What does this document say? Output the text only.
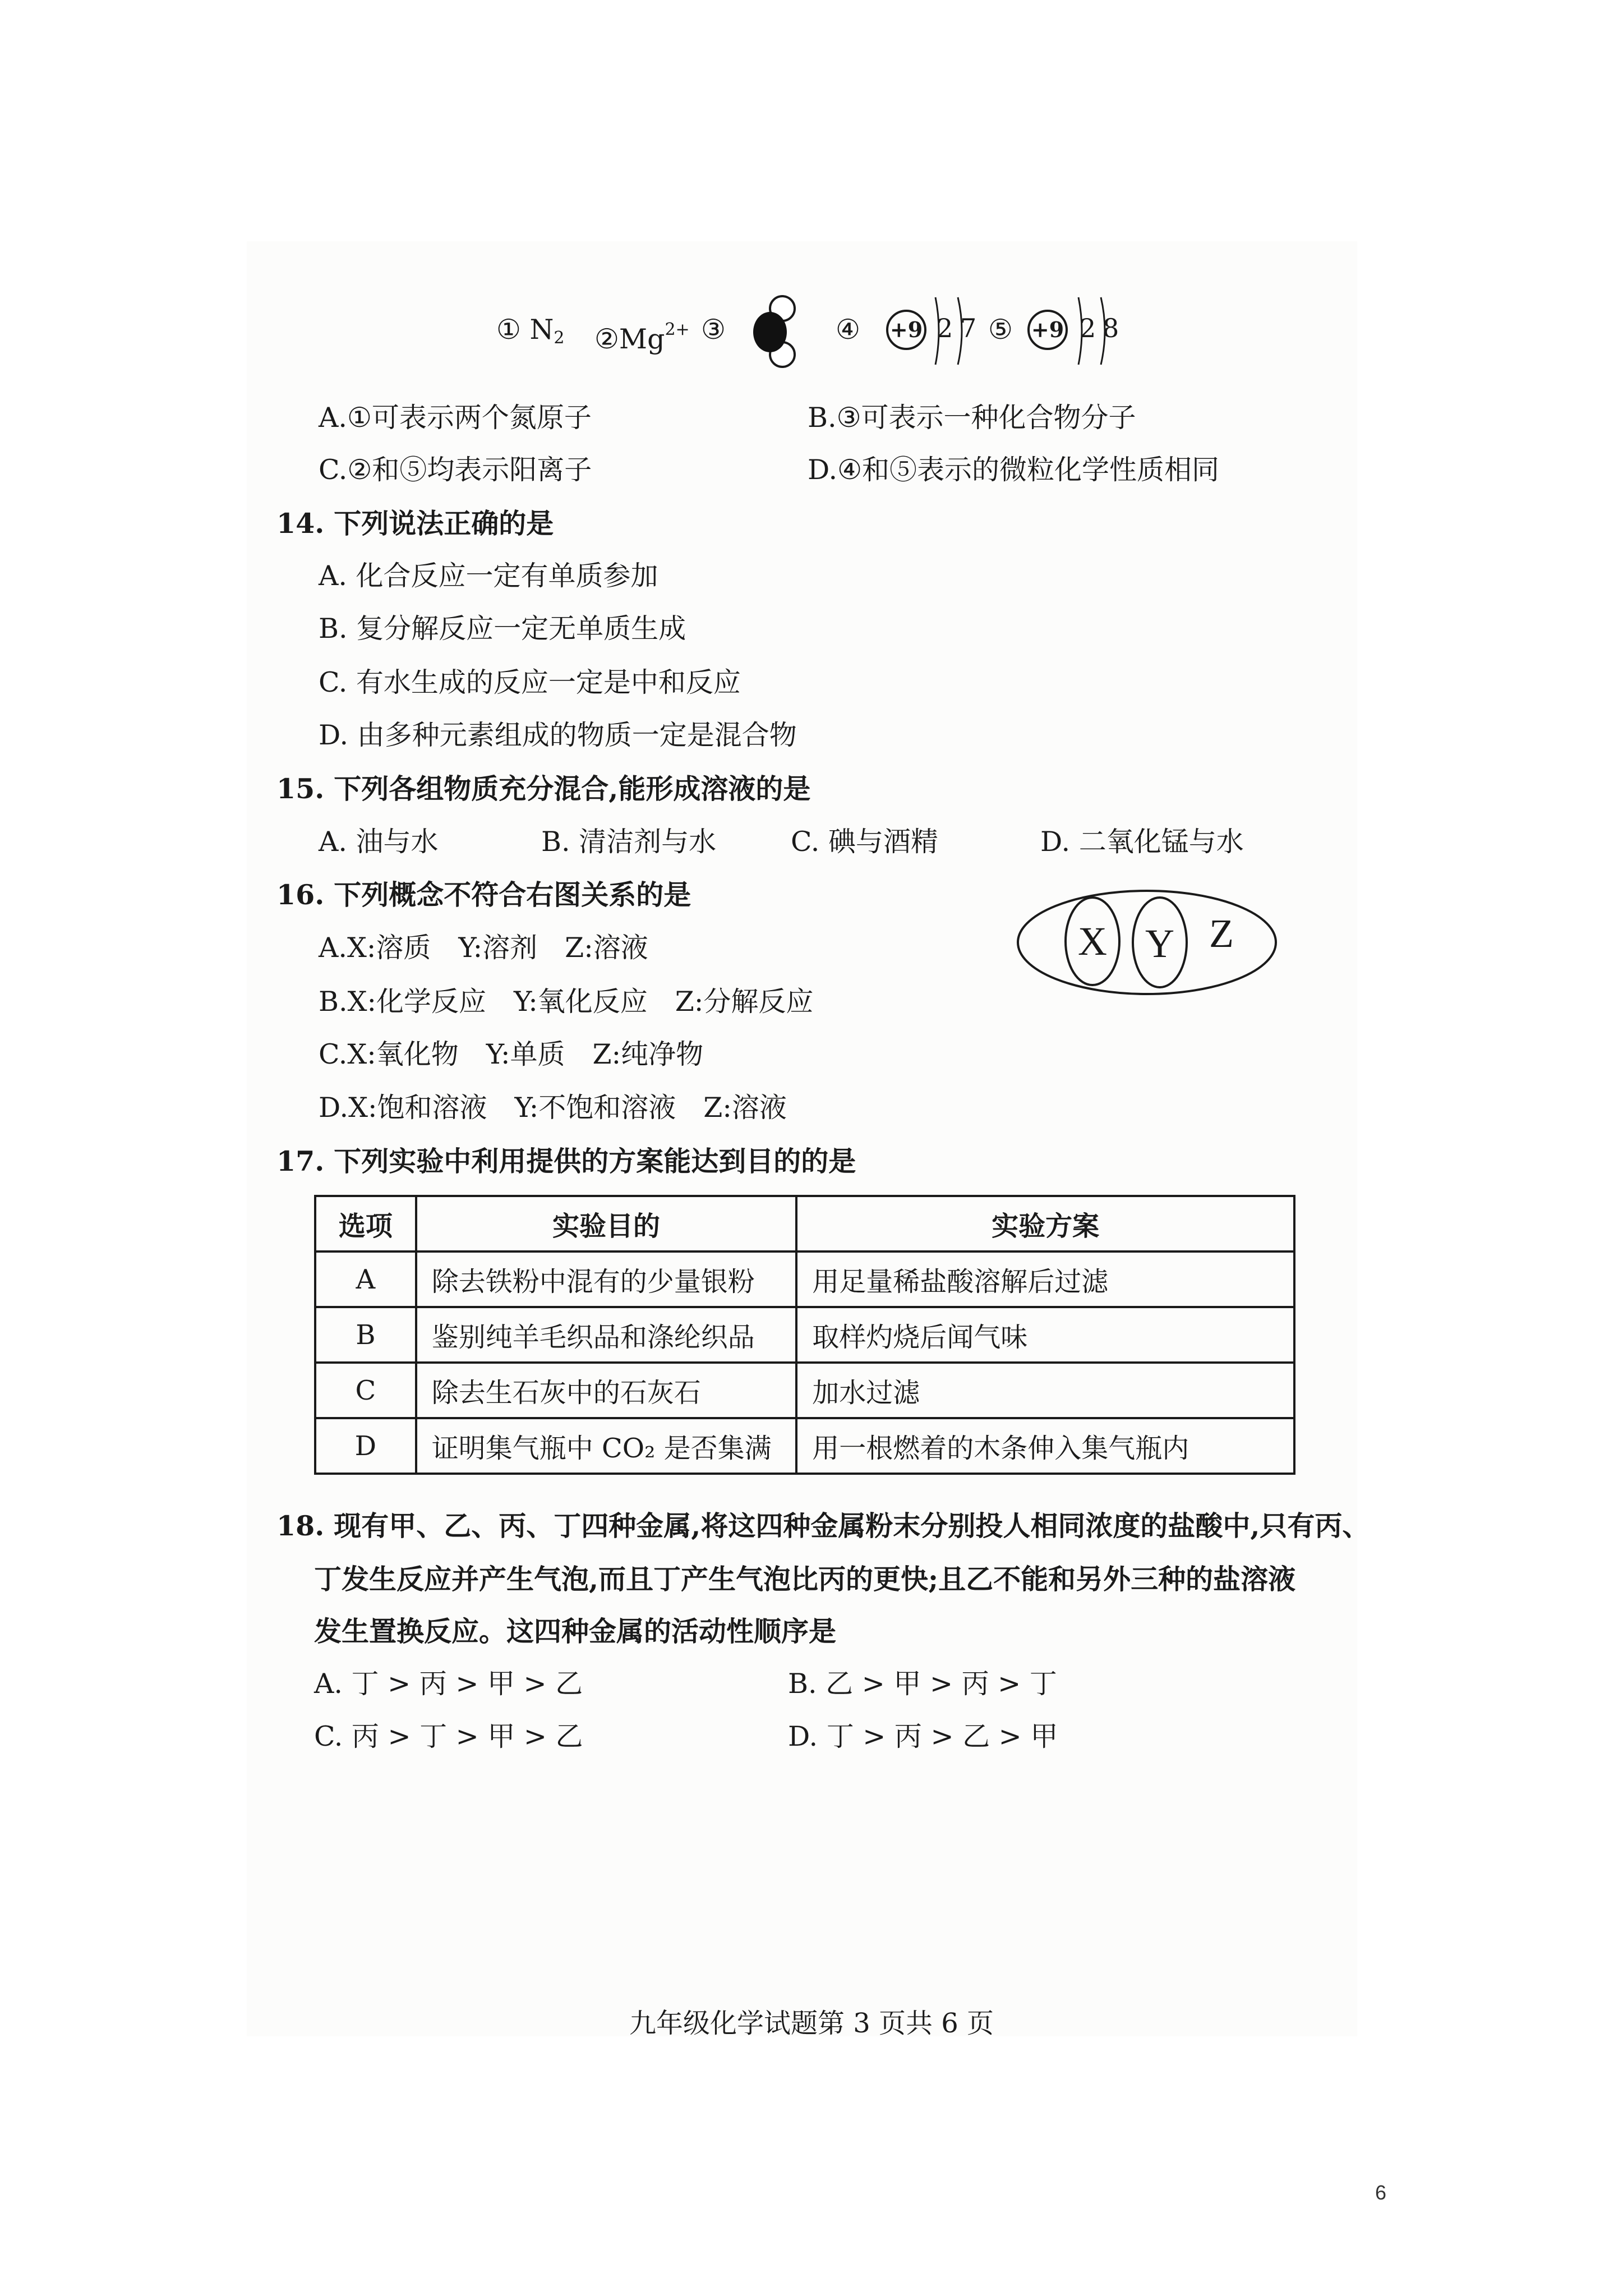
① $N_2$ $②Mg^{2+}$ ③	④ +9 2 7 ⑤ +9 2 8
A.①可表示两个氮原子	B.③可表示一种化合物分子
C.②和⑤均表示阳离子	D.④和⑤表示的微粒化学性质相同
14. 下列说法正确的是
A. 化合反应一定有单质参加
B. 复分解反应一定无单质生成
C. 有水生成的反应一定是中和反应
D. 由多种元素组成的物质一定是混合物
15. 下列各组物质充分混合,能形成溶液的是
A. 油与水	B. 清洁剂与水	C. 碘与酒精	D. 二氧化锰与水
16. 下列概念不符合右图关系的是
A.X:溶质　Y:溶剂　Z:溶液
B.X:化学反应　Y:氧化反应　Z:分解反应
C.X:氧化物　Y:单质　Z:纯净物
D.X:饱和溶液　Y:不饱和溶液　Z:溶液
X Y Z
17. 下列实验中利用提供的方案能达到目的的是
选项	实验目的	实验方案
A	除去铁粉中混有的少量银粉	用足量稀盐酸溶解后过滤
B	鉴别纯羊毛织品和涤纶织品	取样灼烧后闻气味
C	除去生石灰中的石灰石	加水过滤
D	证明集气瓶中 CO₂ 是否集满	用一根燃着的木条伸入集气瓶内
18. 现有甲、乙、丙、丁四种金属,将这四种金属粉末分别投人相同浓度的盐酸中,只有丙、
丁发生反应并产生气泡,而且丁产生气泡比丙的更快;且乙不能和另外三种的盐溶液
发生置换反应。这四种金属的活动性顺序是
A. 丁 > 丙 > 甲 > 乙	B. 乙 > 甲 > 丙 > 丁
C. 丙 > 丁 > 甲 > 乙	D. 丁 > 丙 > 乙 > 甲
九年级化学试题第 3 页共 6 页
6
